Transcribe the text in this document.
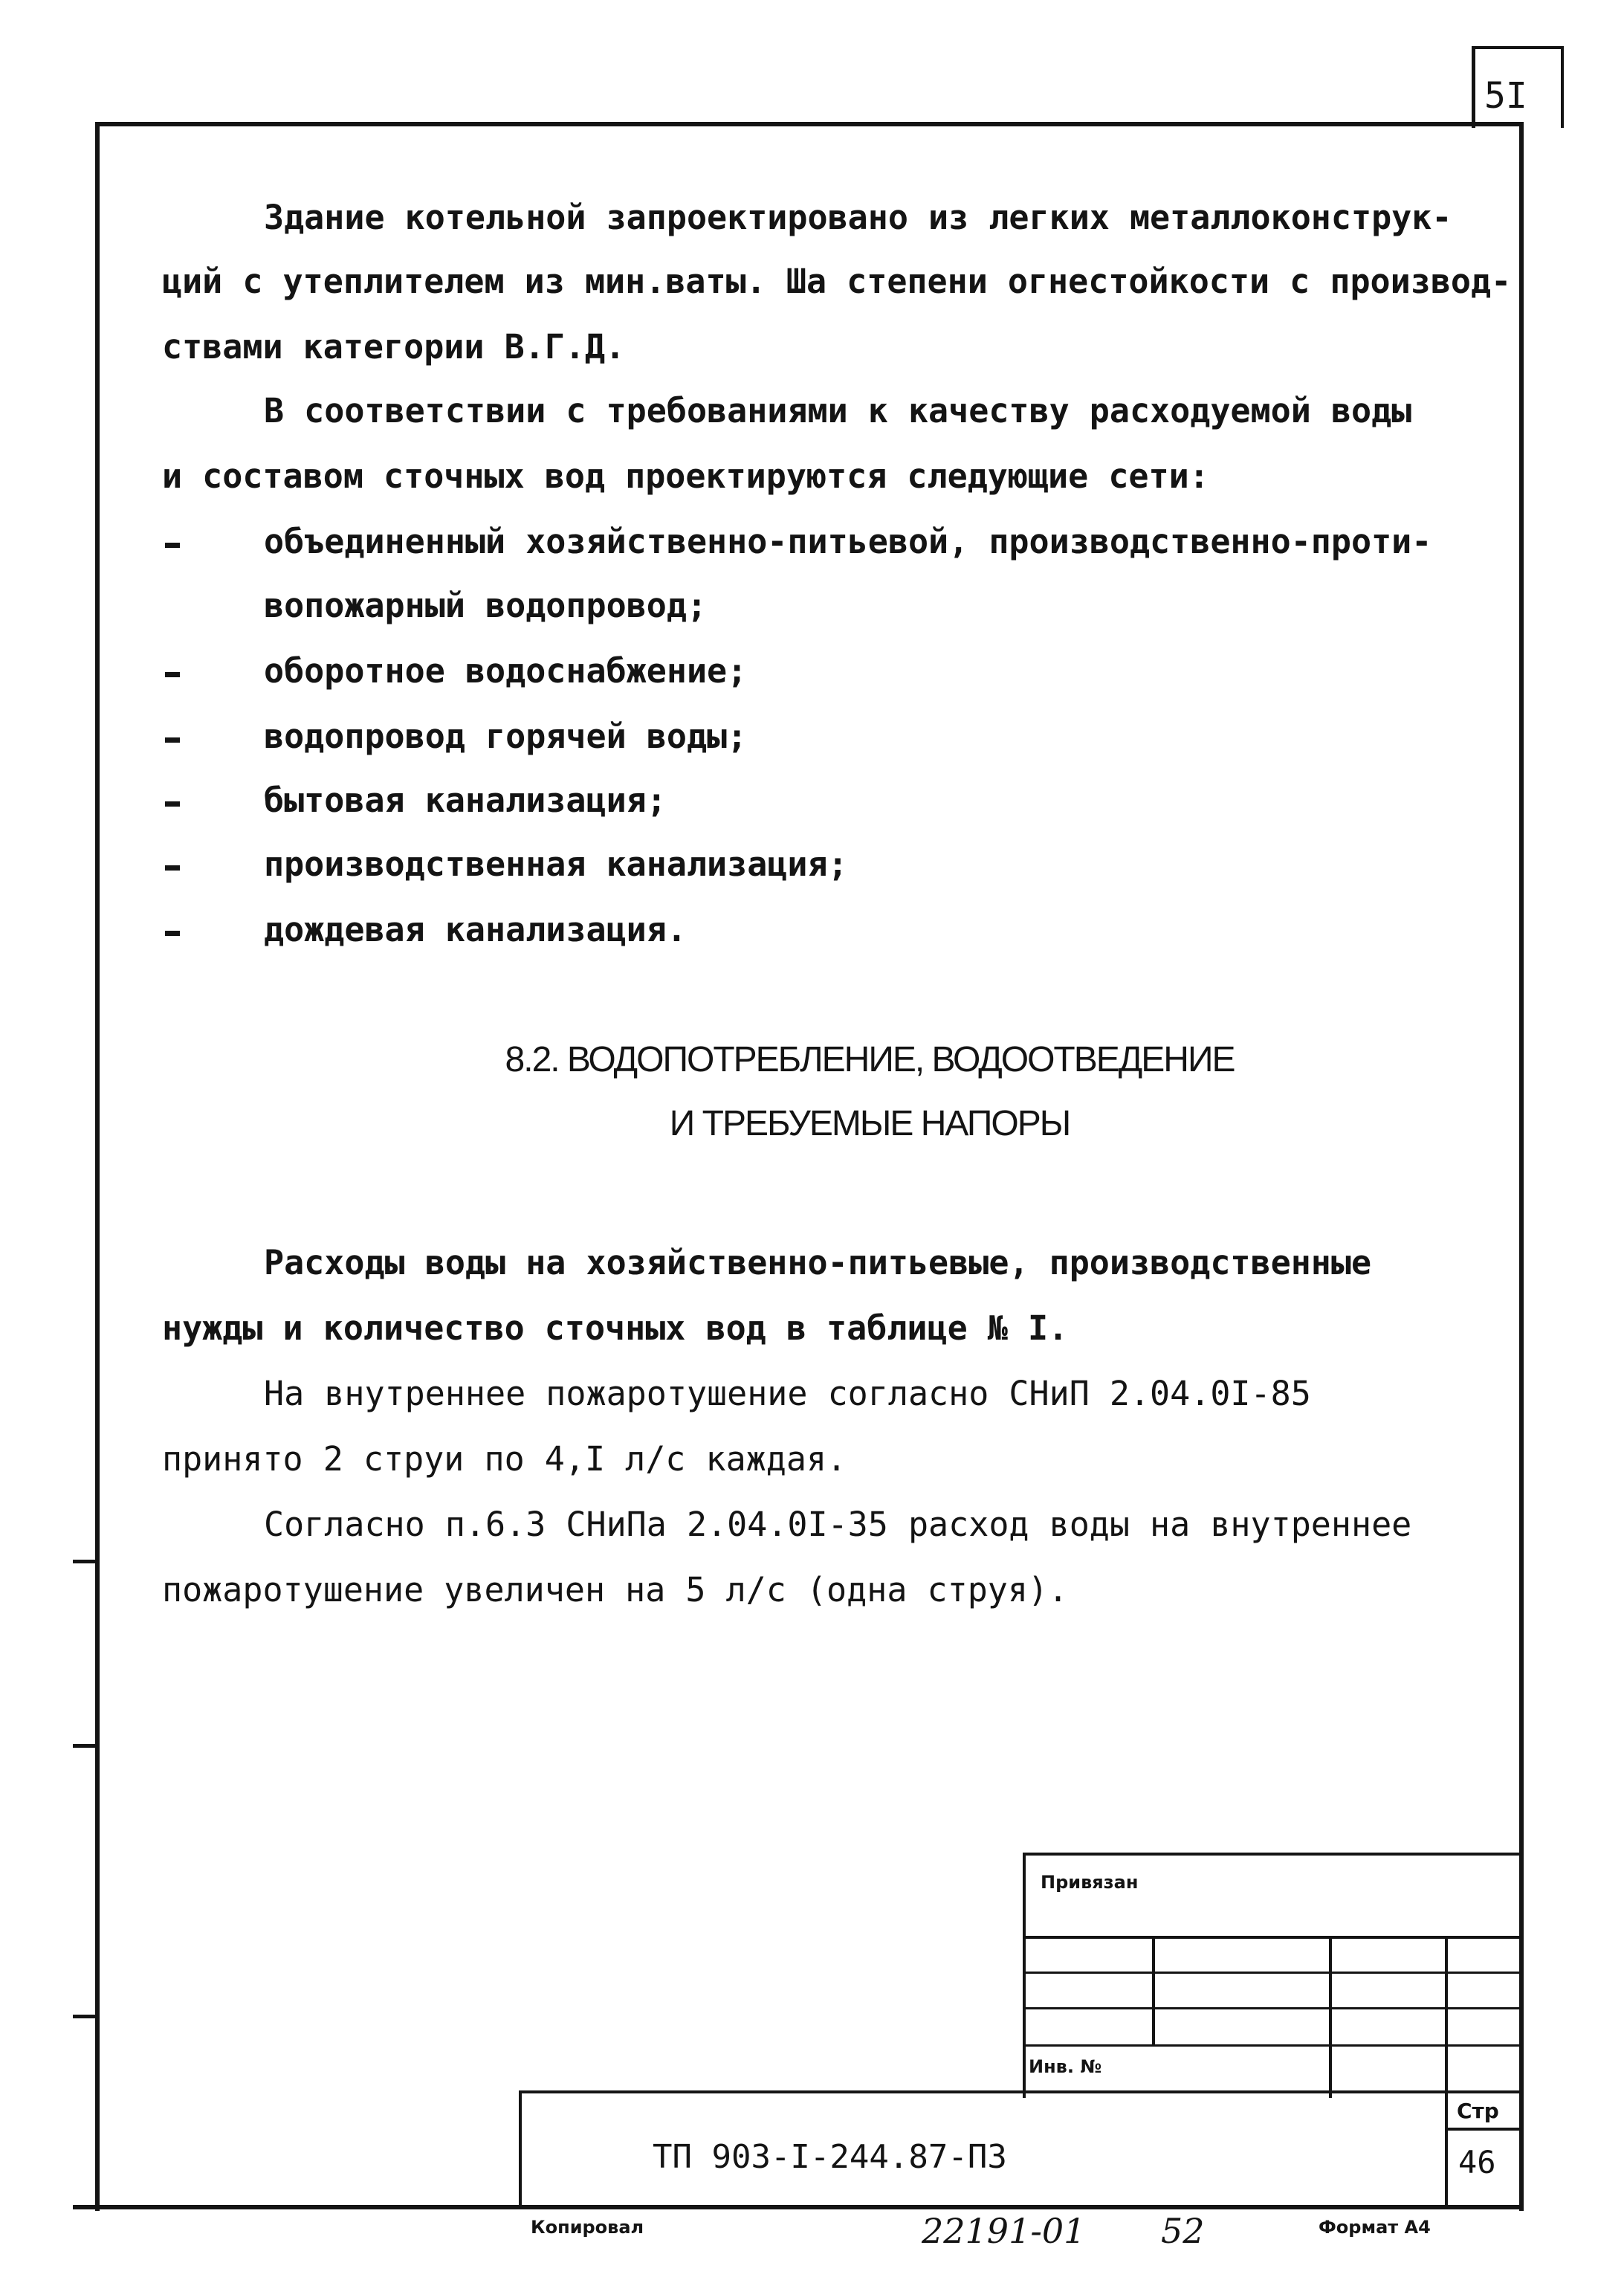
5I
Здание котельной запроектировано из легких металлоконструк-
ций с утеплителем из мин.ваты. Шa степени огнестойкости с производ-
ствами категории В.Г.Д.
В соответствии с требованиями к качеству расходуемой воды
и составом сточных вод проектируются следующие сети:
объединенный хозяйственно-питьевой, производственно-проти-
вопожарный водопровод;
оборотное водоснабжение;
водопровод горячей воды;
бытовая канализация;
производственная канализация;
дождевая канализация.
8.2. ВОДОПОТРЕБЛЕНИЕ, ВОДООТВЕДЕНИЕ
И ТРЕБУЕМЫЕ НАПОРЫ
Расходы воды на хозяйственно-питьевые, производственные
нужды и количество сточных вод в таблице № I.
На внутреннее пожаротушение согласно СНиП 2.04.0I-85
принято 2 струи по 4,I л/с каждая.
Согласно п.6.3 СНиПа 2.04.0I-35 расход воды на внутреннее
пожаротушение увеличен на 5 л/с (одна струя).
Привязан
Инв. №
ТП 903-I-244.87-ПЗ
Стр
46
Копировал	22191-01 52	Формат А4
